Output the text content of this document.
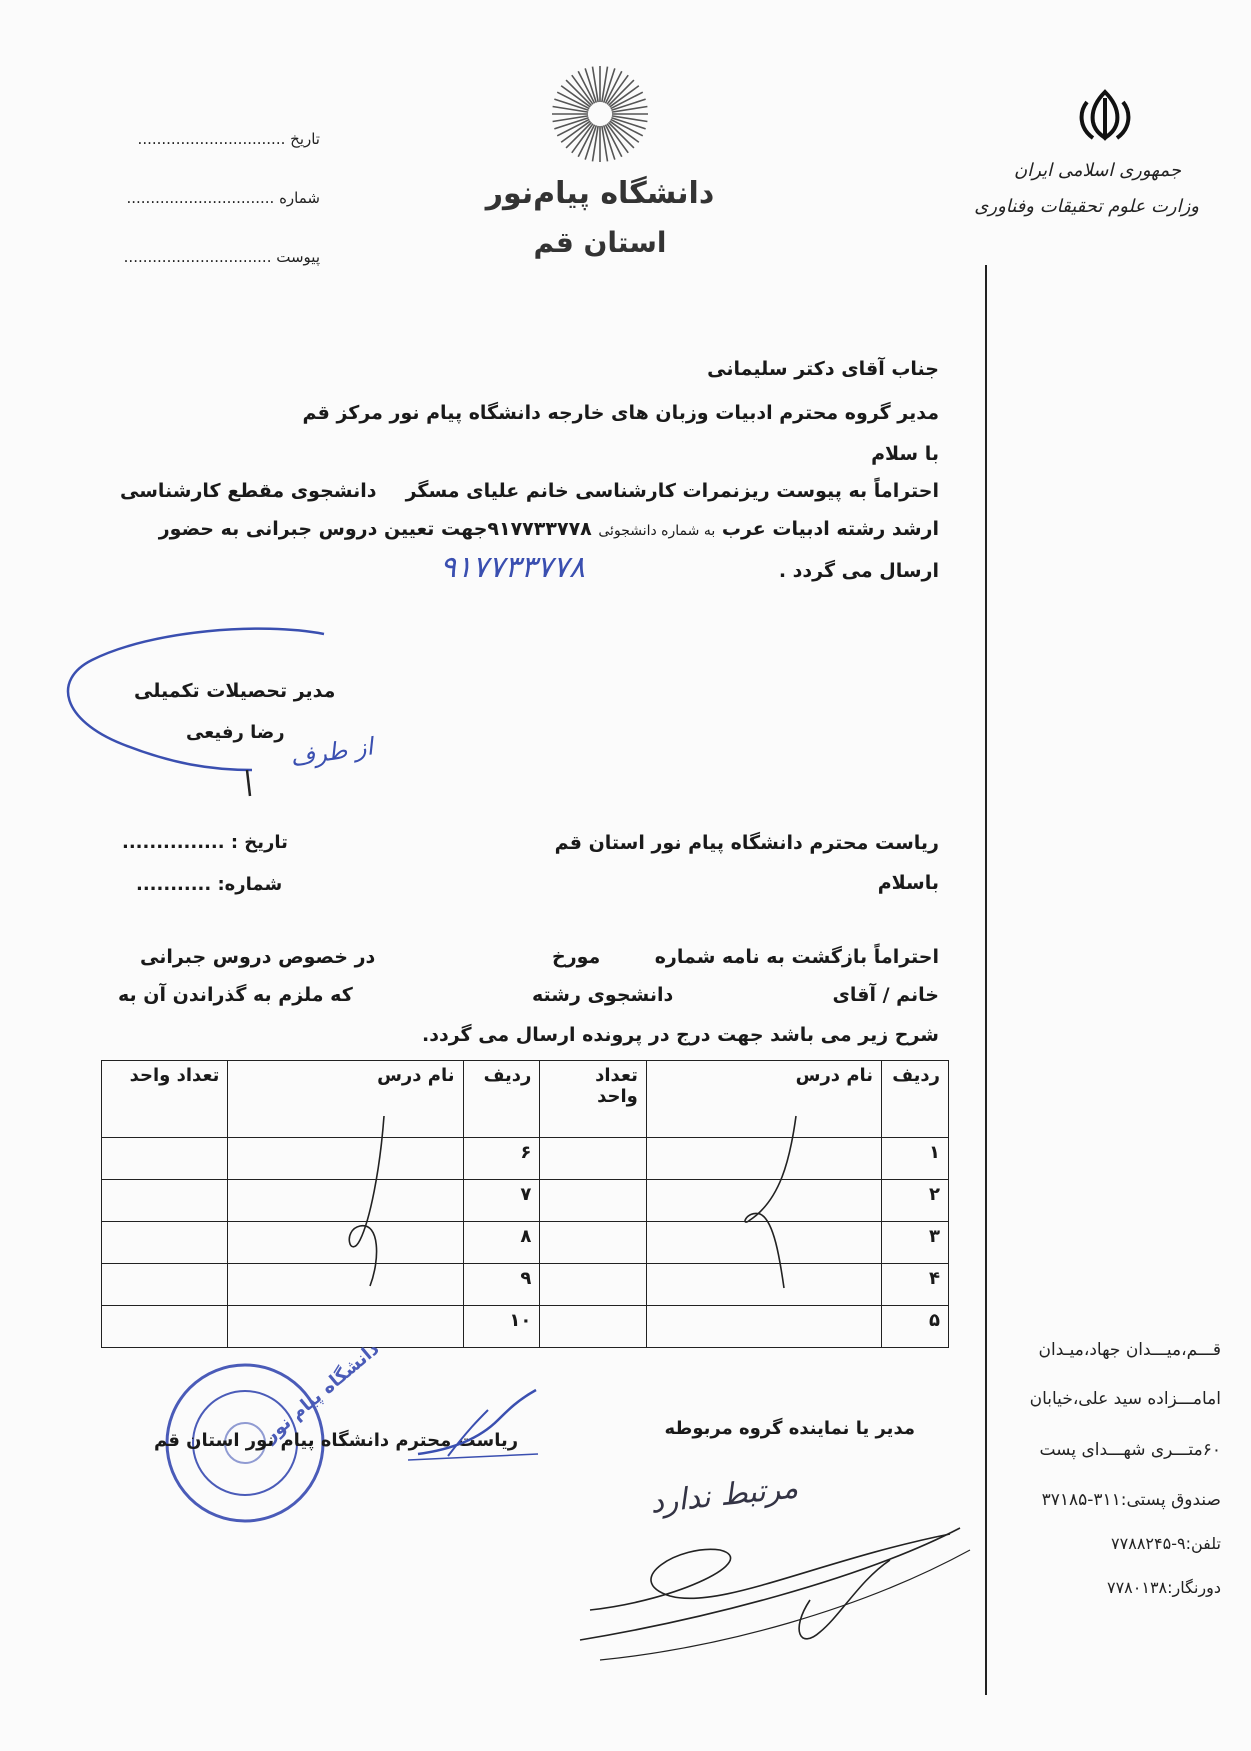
جمهوری اسلامی ایران
وزارت علوم تحقیقات وفناوری
دانشگاه پیام‌نور
استان قم
تاریخ ...............................
شماره ...............................
پیوست ...............................
جناب آقای دکتر سلیمانی
مدیر گروه محترم ادبیات وزبان های خارجه دانشگاه پیام نور مرکز قم
با سلام
احتراماً به پیوست ریزنمرات کارشناسی خانم علیای مسگر
دانشجوی مقطع کارشناسی
ارشد رشته ادبیات عرب به شماره دانشجوئی ۹۱۷۷۳۳۷۷۸جهت تعیین دروس جبرانی به حضور
ارسال می گردد .
۹۱۷۷۳۳۷۷۸
مدیر تحصیلات تکمیلی
رضا رفیعی از طرف
ریاست محترم دانشگاه پیام نور استان قم
باسلام
تاریخ : ...............
شماره: ...........
احتراماً بازگشت به نامه شماره
مورخ
در خصوص دروس جبرانی
خانم / آقای
دانشجوی رشته
که ملزم به گذراندن آن به
شرح زیر می باشد جهت درج در پرونده ارسال می گردد.
ردیف	نام درس	تعداد واحد	ردیف	نام درس	تعداد واحد
۱			۶		
۲			۷		
۳			۸		
۴			۹		
۵			۱۰		
مدیر یا نماینده گروه مربوطه
مرتبط ندارد
دانشگاه پیام نور
ریاست محترم دانشگاه پیام نور استان قم
قـــم،میـــدان جهاد،میـدان
امامـــزاده سید علی،خیابان
۶۰متـــری شهـــدای پست
صندوق پستی:۳۱۱-۳۷۱۸۵
تلفن:۹-۷۷۸۸۲۴۵
دورنگار:۷۷۸۰۱۳۸
